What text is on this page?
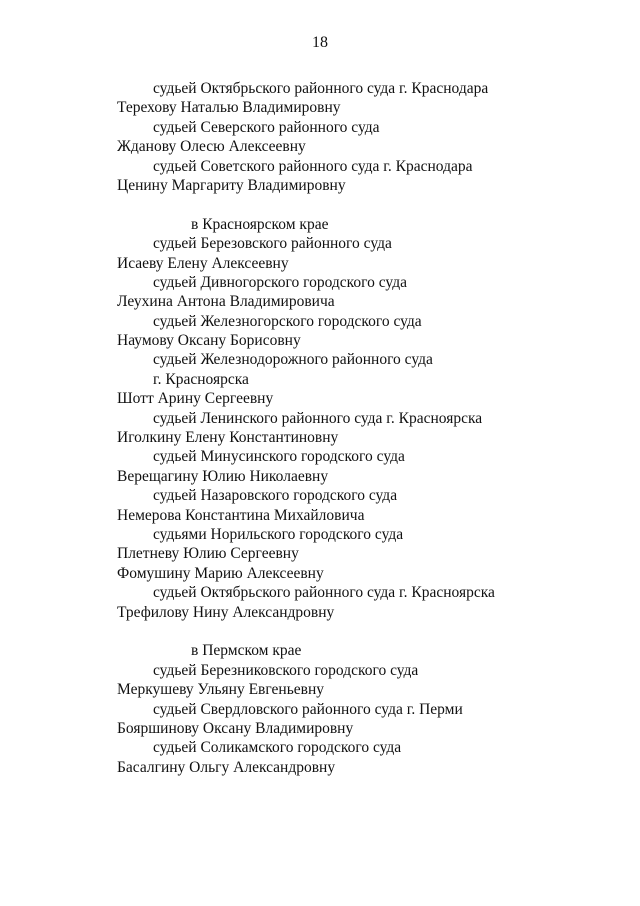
18
судьей Октябрьского районного суда г. Краснодара
Терехову Наталью Владимировну
судьей Северского районного суда
Жданову Олесю Алексеевну
судьей Советского районного суда г. Краснодара
Ценину Маргариту Владимировну
в Красноярском крае
судьей Березовского районного суда
Исаеву Елену Алексеевну
судьей Дивногорского городского суда
Леухина Антона Владимировича
судьей Железногорского городского суда
Наумову Оксану Борисовну
судьей Железнодорожного районного суда
г. Красноярска
Шотт Арину Сергеевну
судьей Ленинского районного суда г. Красноярска
Иголкину Елену Константиновну
судьей Минусинского городского суда
Верещагину Юлию Николаевну
судьей Назаровского городского суда
Немерова Константина Михайловича
судьями Норильского городского суда
Плетневу Юлию Сергеевну
Фомушину Марию Алексеевну
судьей Октябрьского районного суда г. Красноярска
Трефилову Нину Александровну
в Пермском крае
судьей Березниковского городского суда
Меркушеву Ульяну Евгеньевну
судьей Свердловского районного суда г. Перми
Бояршинову Оксану Владимировну
судьей Соликамского городского суда
Басалгину Ольгу Александровну
